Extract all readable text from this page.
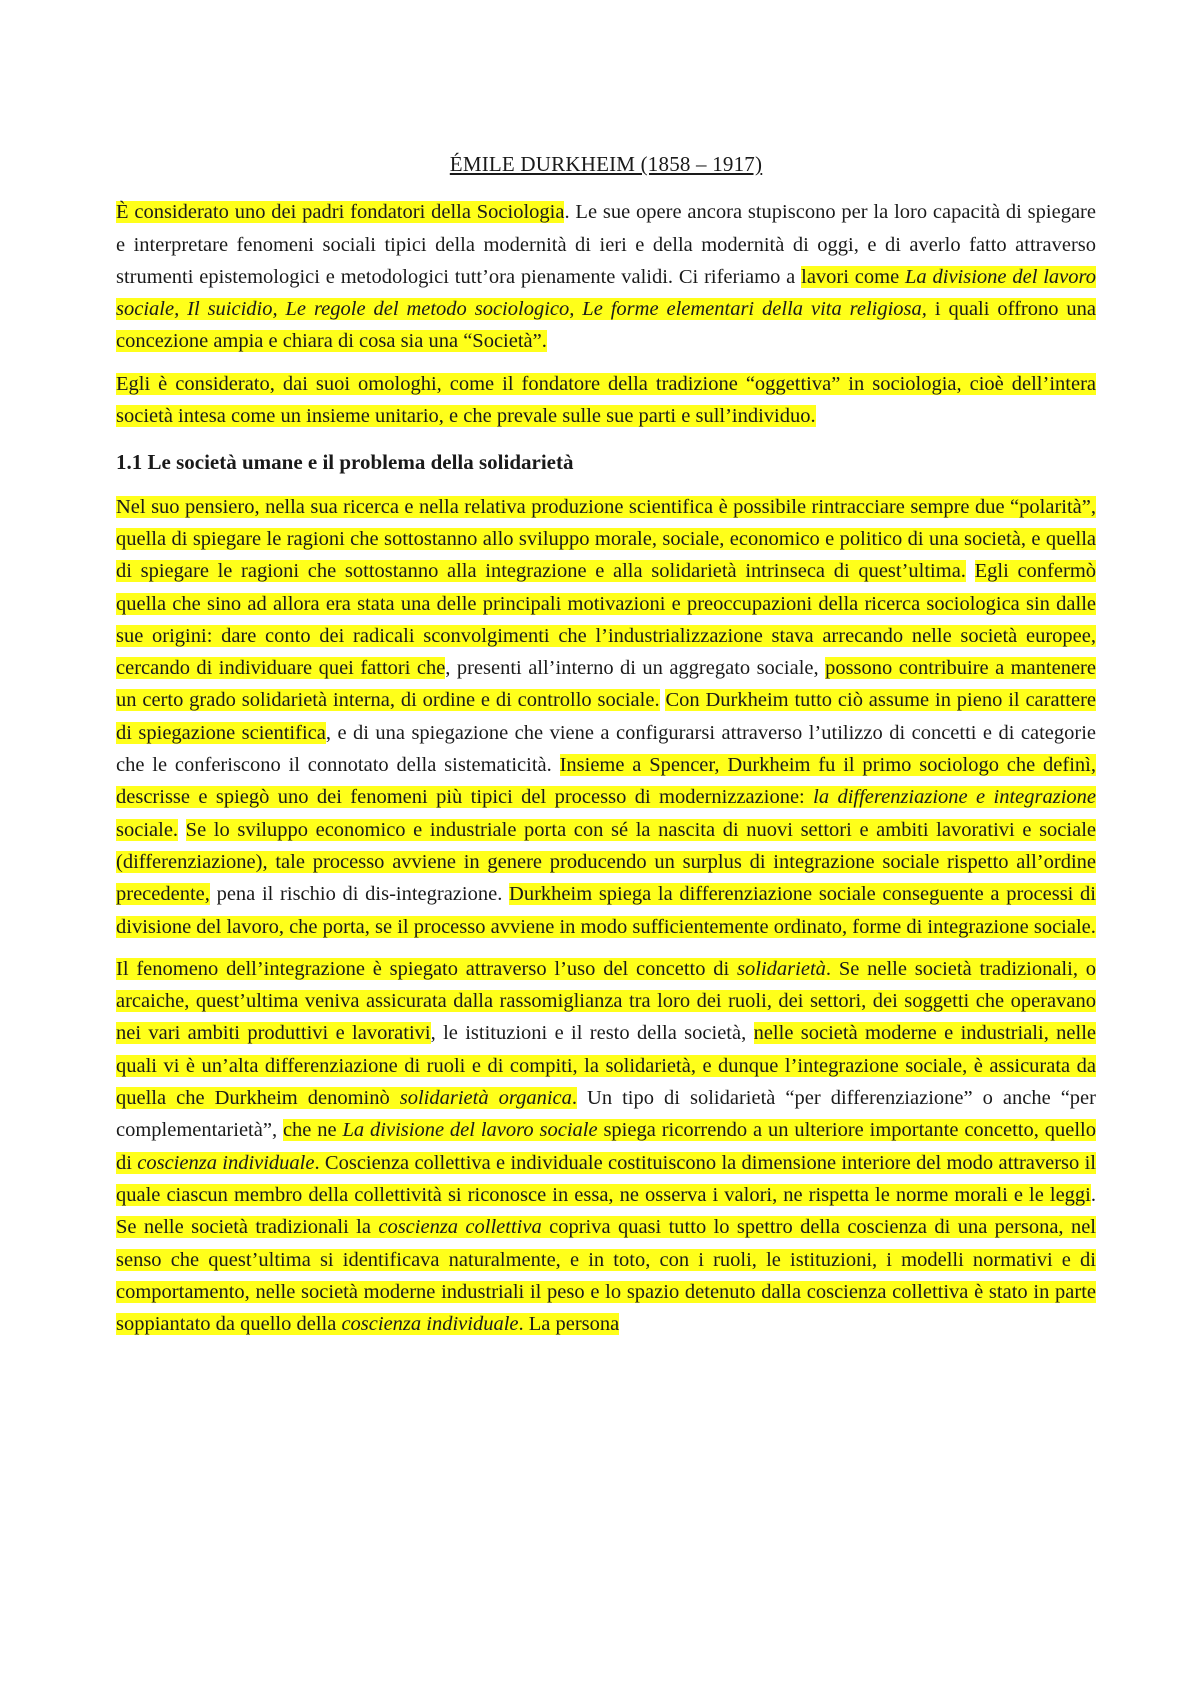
ÉMILE DURKHEIM (1858 – 1917)

È considerato uno dei padri fondatori della Sociologia. Le sue opere ancora stupiscono per la loro capacità di spiegare e interpretare fenomeni sociali tipici della modernità di ieri e della modernità di oggi, e di averlo fatto attraverso strumenti epistemologici e metodologici tutt’ora pienamente validi. Ci riferiamo a lavori come La divisione del lavoro sociale, Il suicidio, Le regole del metodo sociologico, Le forme elementari della vita religiosa, i quali offrono una concezione ampia e chiara di cosa sia una “Società”.

Egli è considerato, dai suoi omologhi, come il fondatore della tradizione “oggettiva” in sociologia, cioè dell’intera società intesa come un insieme unitario, e che prevale sulle sue parti e sull’individuo.

1.1 Le società umane e il problema della solidarietà

Nel suo pensiero, nella sua ricerca e nella relativa produzione scientifica è possibile rintracciare sempre due “polarità”, quella di spiegare le ragioni che sottostanno allo sviluppo morale, sociale, economico e politico di una società, e quella di spiegare le ragioni che sottostanno alla integrazione e alla solidarietà intrinseca di quest’ultima. Egli confermò quella che sino ad allora era stata una delle principali motivazioni e preoccupazioni della ricerca sociologica sin dalle sue origini: dare conto dei radicali sconvolgimenti che l’industrializzazione stava arrecando nelle società europee, cercando di individuare quei fattori che, presenti all’interno di un aggregato sociale, possono contribuire a mantenere un certo grado solidarietà interna, di ordine e di controllo sociale. Con Durkheim tutto ciò assume in pieno il carattere di spiegazione scientifica, e di una spiegazione che viene a configurarsi attraverso l’utilizzo di concetti e di categorie che le conferiscono il connotato della sistematicità. Insieme a Spencer, Durkheim fu il primo sociologo che definì, descrisse e spiegò uno dei fenomeni più tipici del processo di modernizzazione: la differenziazione e integrazione sociale. Se lo sviluppo economico e industriale porta con sé la nascita di nuovi settori e ambiti lavorativi e sociale (differenziazione), tale processo avviene in genere producendo un surplus di integrazione sociale rispetto all’ordine precedente, pena il rischio di dis-integrazione. Durkheim spiega la differenziazione sociale conseguente a processi di divisione del lavoro, che porta, se il processo avviene in modo sufficientemente ordinato, forme di integrazione sociale.

Il fenomeno dell’integrazione è spiegato attraverso l’uso del concetto di solidarietà. Se nelle società tradizionali, o arcaiche, quest’ultima veniva assicurata dalla rassomiglianza tra loro dei ruoli, dei settori, dei soggetti che operavano nei vari ambiti produttivi e lavorativi, le istituzioni e il resto della società, nelle società moderne e industriali, nelle quali vi è un’alta differenziazione di ruoli e di compiti, la solidarietà, e dunque l’integrazione sociale, è assicurata da quella che Durkheim denominò solidarietà organica. Un tipo di solidarietà “per differenziazione” o anche “per complementarietà”, che ne La divisione del lavoro sociale spiega ricorrendo a un ulteriore importante concetto, quello di coscienza individuale. Coscienza collettiva e individuale costituiscono la dimensione interiore del modo attraverso il quale ciascun membro della collettività si riconosce in essa, ne osserva i valori, ne rispetta le norme morali e le leggi. Se nelle società tradizionali la coscienza collettiva copriva quasi tutto lo spettro della coscienza di una persona, nel senso che quest’ultima si identificava naturalmente, e in toto, con i ruoli, le istituzioni, i modelli normativi e di comportamento, nelle società moderne industriali il peso e lo spazio detenuto dalla coscienza collettiva è stato in parte soppiantato da quello della coscienza individuale. La persona
